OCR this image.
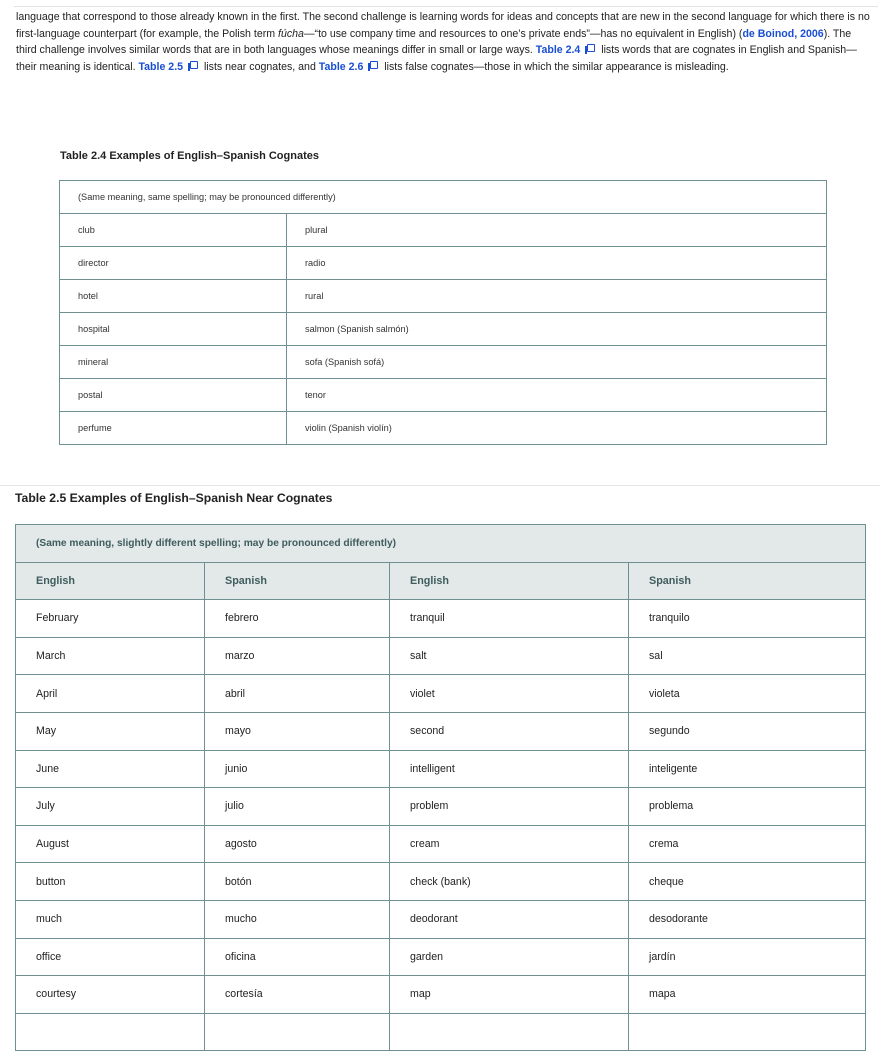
language that correspond to those already known in the first. The second challenge is learning words for ideas and concepts that are new in the second language for which there is no first-language counterpart (for example, the Polish term fúcha—“to use company time and resources to one’s private ends”—has no equivalent in English) (de Boinod, 2006). The third challenge involves similar words that are in both languages whose meanings differ in small or large ways. Table 2.4  lists words that are cognates in English and Spanish—their meaning is identical. Table 2.5  lists near cognates, and Table 2.6  lists false cognates—those in which the similar appearance is misleading.
Table 2.4 Examples of English–Spanish Cognates
(Same meaning, same spelling; may be pronounced differently)	
club	plural
director	radio
hotel	rural
hospital	salmon (Spanish salmón)
mineral	sofa (Spanish sofá)
postal	tenor
perfume	violin (Spanish violín)
Table 2.5 Examples of English–Spanish Near Cognates
(Same meaning, slightly different spelling; may be pronounced differently)			
English	Spanish	English	Spanish
February	febrero	tranquil	tranquilo
March	marzo	salt	sal
April	abril	violet	violeta
May	mayo	second	segundo
June	junio	intelligent	inteligente
July	julio	problem	problema
August	agosto	cream	crema
button	botón	check (bank)	cheque
much	mucho	deodorant	desodorante
office	oficina	garden	jardín
courtesy	cortesía	map	mapa
